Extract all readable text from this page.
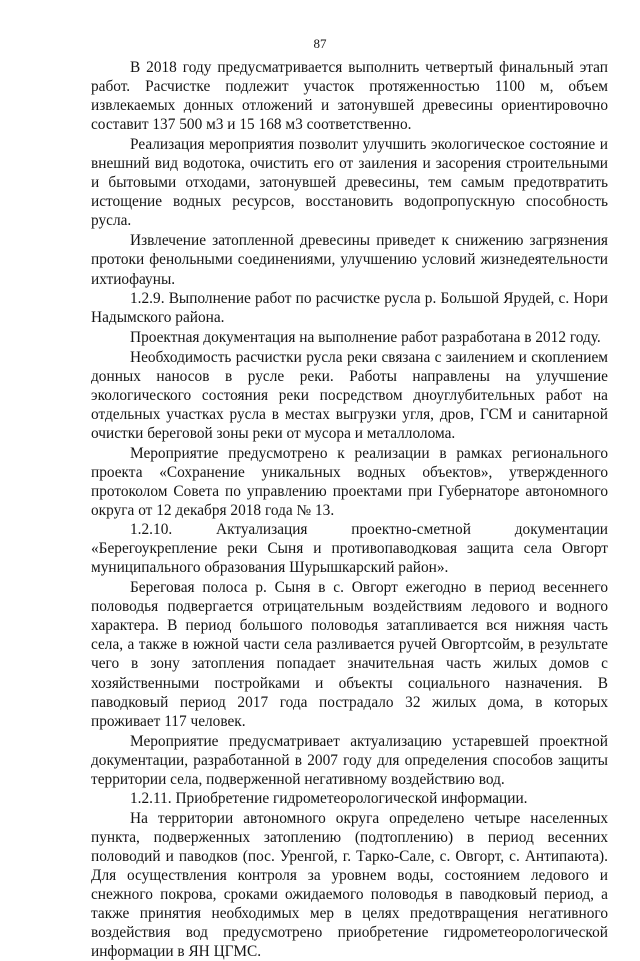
87

В 2018 году предусматривается выполнить четвертый финальный этап работ. Расчистке подлежит участок протяженностью 1100 м, объем извлекаемых донных отложений и затонувшей древесины ориентировочно составит 137 500 м3 и 15 168 м3 соответственно.

Реализация мероприятия позволит улучшить экологическое состояние и внешний вид водотока, очистить его от заиления и засорения строительными и бытовыми отходами, затонувшей древесины, тем самым предотвратить истощение водных ресурсов, восстановить водопропускную способность русла.

Извлечение затопленной древесины приведет к снижению загрязнения протоки фенольными соединениями, улучшению условий жизнедеятельности ихтиофауны.

1.2.9. Выполнение работ по расчистке русла р. Большой Ярудей, с. Нори Надымского района.

Проектная документация на выполнение работ разработана в 2012 году.

Необходимость расчистки русла реки связана с заилением и скоплением донных наносов в русле реки. Работы направлены на улучшение экологического состояния реки посредством дноуглубительных работ на отдельных участках русла в местах выгрузки угля, дров, ГСМ и санитарной очистки береговой зоны реки от мусора и металлолома.

Мероприятие предусмотрено к реализации в рамках регионального проекта «Сохранение уникальных водных объектов», утвержденного протоколом Совета по управлению проектами при Губернаторе автономного округа от 12 декабря 2018 года № 13.

1.2.10. Актуализация проектно-сметной документации «Берегоукрепление реки Сыня и противопаводковая защита села Овгорт муниципального образования Шурышкарский район».

Береговая полоса р. Сыня в с. Овгорт ежегодно в период весеннего половодья подвергается отрицательным воздействиям ледового и водного характера. В период большого половодья затапливается вся нижняя часть села, а также в южной части села разливается ручей Овгортсойм, в результате чего в зону затопления попадает значительная часть жилых домов с хозяйственными постройками и объекты социального назначения. В паводковый период 2017 года пострадало 32 жилых дома, в которых проживает 117 человек.

Мероприятие предусматривает актуализацию устаревшей проектной документации, разработанной в 2007 году для определения способов защиты территории села, подверженной негативному воздействию вод.

1.2.11. Приобретение гидрометеорологической информации.

На территории автономного округа определено четыре населенных пункта, подверженных затоплению (подтоплению) в период весенних половодий и паводков (пос. Уренгой, г. Тарко-Сале, с. Овгорт, с. Антипаюта). Для осуществления контроля за уровнем воды, состоянием ледового и снежного покрова, сроками ожидаемого половодья в паводковый период, а также принятия необходимых мер в целях предотвращения негативного воздействия вод предусмотрено приобретение гидрометеорологической информации в ЯН ЦГМС.
